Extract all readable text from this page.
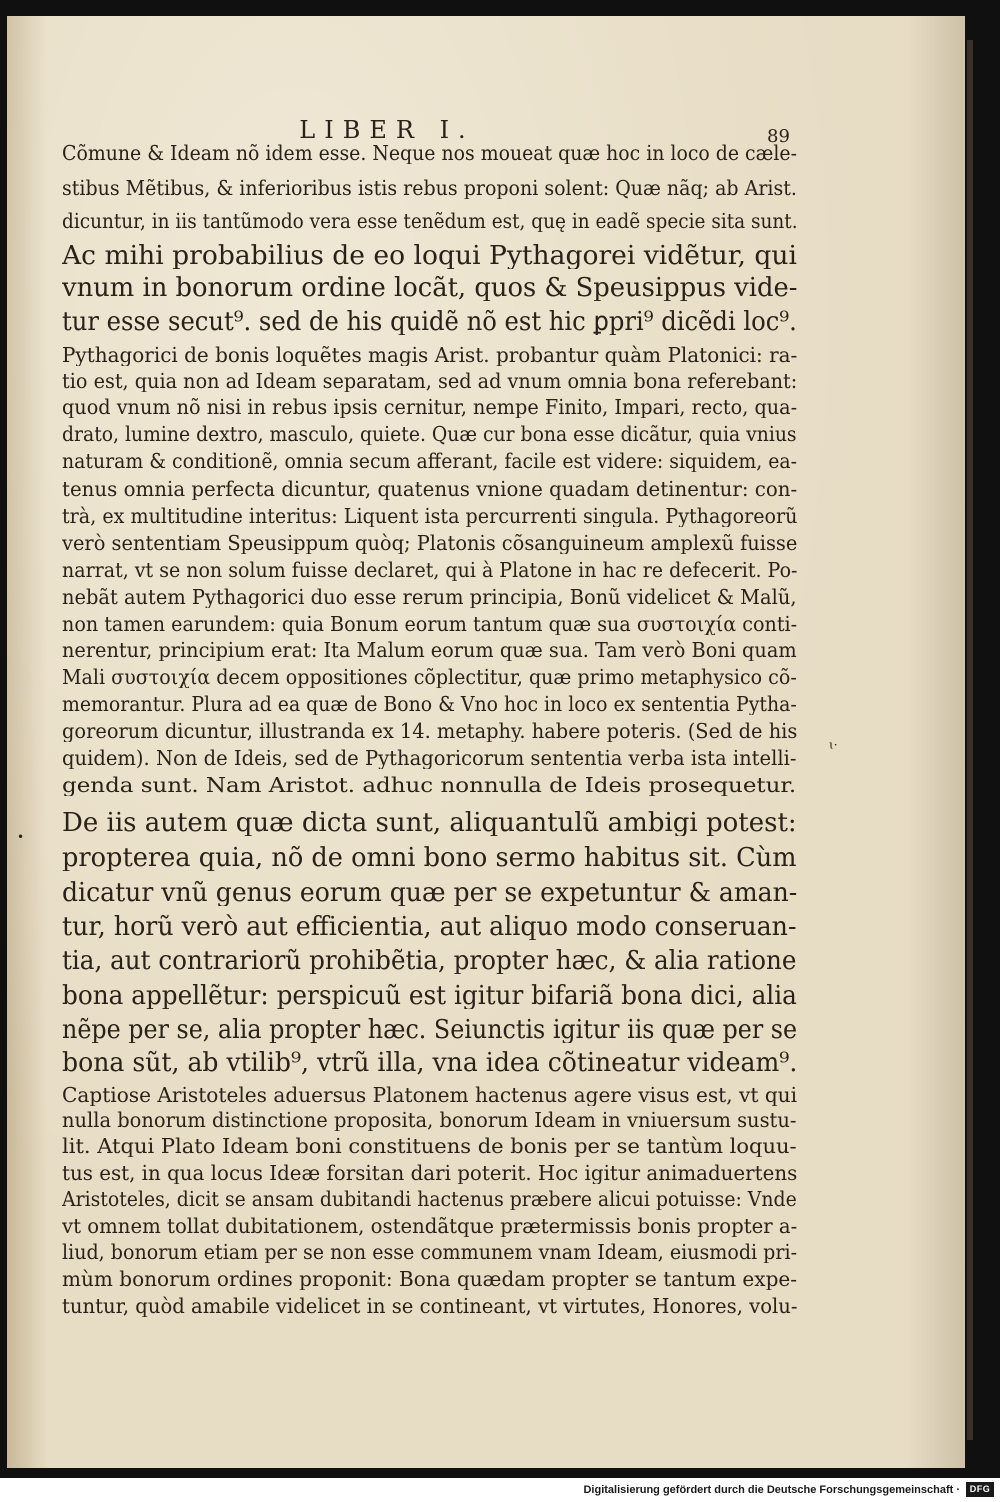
LIBER I.	89
Cõmune & Ideam nõ idem esse. Neque nos moueat quæ hoc in loco de cæle-
stibus Mẽtibus, & inferioribus istis rebus proponi solent: Quæ nãq; ab Arist.
dicuntur, in iis tantũmodo vera esse tenẽdum est, quę in eadẽ specie sita sunt.
Ac mihi probabilius de eo loqui Pythagorei vidẽtur, qui
vnum in bonorum ordine locãt, quos & Speusippus vide-
tur esse secut⁹. sed de his quidẽ nõ est hic ꝑpri⁹ dicẽdi loc⁹.
Pythagorici de bonis loquẽtes magis Arist. probantur quàm Platonici: ra-
tio est, quia non ad Ideam separatam, sed ad vnum omnia bona referebant:
quod vnum nõ nisi in rebus ipsis cernitur, nempe Finito, Impari, recto, qua-
drato, lumine dextro, masculo, quiete. Quæ cur bona esse dicãtur, quia vnius
naturam & conditionẽ, omnia secum afferant, facile est videre: siquidem, ea-
tenus omnia perfecta dicuntur, quatenus vnione quadam detinentur: con-
trà, ex multitudine interitus: Liquent ista percurrenti singula. Pythagoreorũ
verò sententiam Speusippum quòq; Platonis cõsanguineum amplexũ fuisse
narrat, vt se non solum fuisse declaret, qui à Platone in hac re defecerit. Po-
nebãt autem Pythagorici duo esse rerum principia, Bonũ videlicet & Malũ,
non tamen earundem: quia Bonum eorum tantum quæ sua συστοιχία conti-
nerentur, principium erat: Ita Malum eorum quæ sua. Tam verò Boni quam
Mali συστοιχία decem oppositiones cõplectitur, quæ primo metaphysico cõ-
memorantur. Plura ad ea quæ de Bono & Vno hoc in loco ex sententia Pytha-
goreorum dicuntur, illustranda ex 14. metaphy. habere poteris. (Sed de his
quidem). Non de Ideis, sed de Pythagoricorum sententia verba ista intelli-
genda sunt. Nam Aristot. adhuc nonnulla de Ideis prosequetur.
De iis autem quæ dicta sunt, aliquantulũ ambigi potest:
propterea quia, nõ de omni bono sermo habitus sit. Cùm
dicatur vnũ genus eorum quæ per se expetuntur & aman-
tur, horũ verò aut efficientia, aut aliquo modo conseruan-
tia, aut contrariorũ prohibẽtia, propter hæc, & alia ratione
bona appellẽtur: perspicuũ est igitur bifariã bona dici, alia
nẽpe per se, alia propter hæc. Seiunctis igitur iis quæ per se
bona sũt, ab vtilib⁹, vtrũ illa, vna idea cõtineatur videam⁹.
Captiose Aristoteles aduersus Platonem hactenus agere visus est, vt qui
nulla bonorum distinctione proposita, bonorum Ideam in vniuersum sustu-
lit. Atqui Plato Ideam boni constituens de bonis per se tantùm loquu-
tus est, in qua locus Ideæ forsitan dari poterit. Hoc igitur animaduertens
Aristoteles, dicit se ansam dubitandi hactenus præbere alicui potuisse: Vnde
vt omnem tollat dubitationem, ostendãtque prætermissis bonis propter a-
liud, bonorum etiam per se non esse communem vnam Ideam, eiusmodi pri-
mùm bonorum ordines proponit: Bona quædam propter se tantum expe-
tuntur, quòd amabile videlicet in se contineant, vt virtutes, Honores, volu-
ɩ·
•
Digitalisierung gefördert durch die Deutsche Forschungsgemeinschaft ·	DFG
